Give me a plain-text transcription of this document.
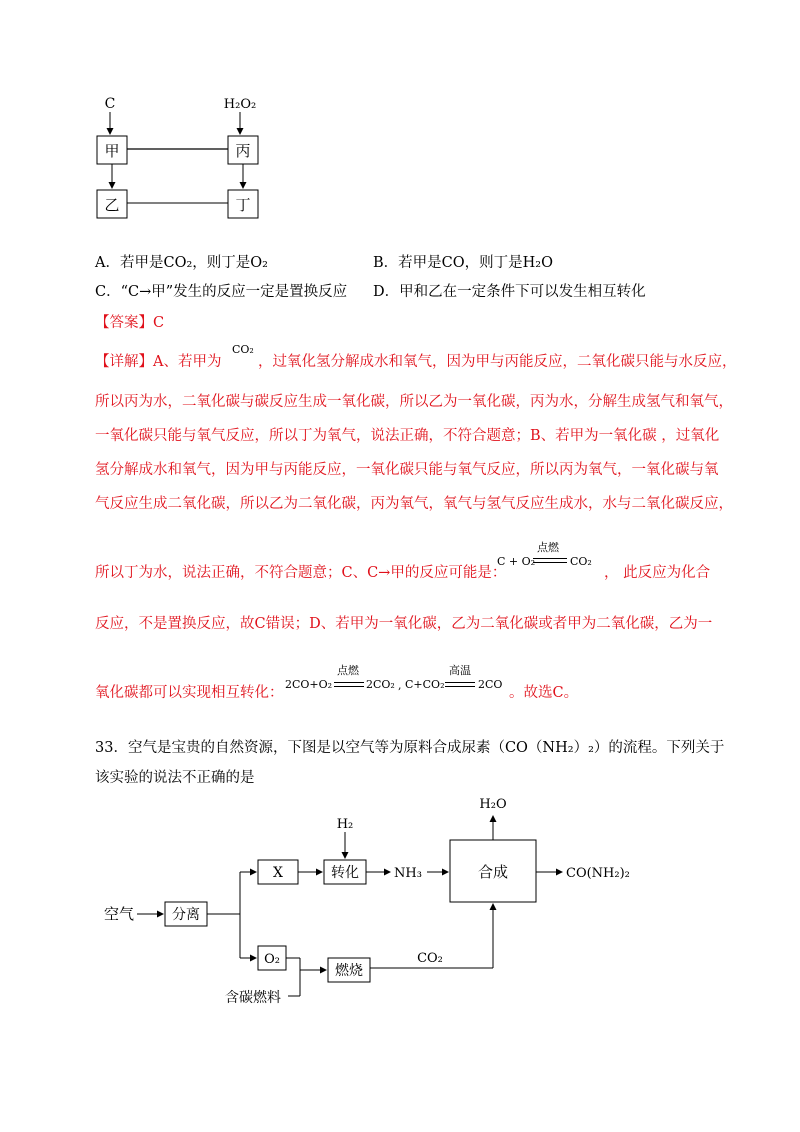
C	H₂O₂
甲	丙
乙	丁
A．若甲是CO₂，则丁是O₂	B．若甲是CO，则丁是H₂O
C．“C→甲”发生的反应一定是置换反应 D．甲和乙在一定条件下可以发生相互转化
【答案】C
【详解】A、若甲为
CO₂
，过氧化氢分解成水和氧气，因为甲与丙能反应，二氧化碳只能与水反应，
所以丙为水，二氧化碳与碳反应生成一氧化碳，所以乙为一氧化碳，丙为水，分解生成氢气和氧气，
一氧化碳只能与氧气反应，所以丁为氧气，说法正确，不符合题意；B、若甲为一氧化碳 ，过氧化
氢分解成水和氧气，因为甲与丙能反应，一氧化碳只能与氧气反应，所以丙为氧气，一氧化碳与氧
气反应生成二氧化碳，所以乙为二氧化碳，丙为氧气，氧气与氢气反应生成水，水与二氧化碳反应，
所以丁为水，说法正确，不符合题意；C、C→甲的反应可能是：
C + O₂
点燃
CO₂
， 此反应为化合
反应，不是置换反应，故C错误；D、若甲为一氧化碳，乙为二氧化碳或者甲为二氧化碳，乙为一
氧化碳都可以实现相互转化：
2CO+O₂
点燃
2CO₂ , C+CO₂
高温
2CO
。故选C。
33．空气是宝贵的自然资源，下图是以空气等为原料合成尿素（CO（NH₂）₂）的流程。下列关于
该实验的说法不正确的是
空气	分离
X
H₂
转化	NH₃	合成
H₂O
CO(NH₂)₂
O₂
含碳燃料
燃烧
CO₂
